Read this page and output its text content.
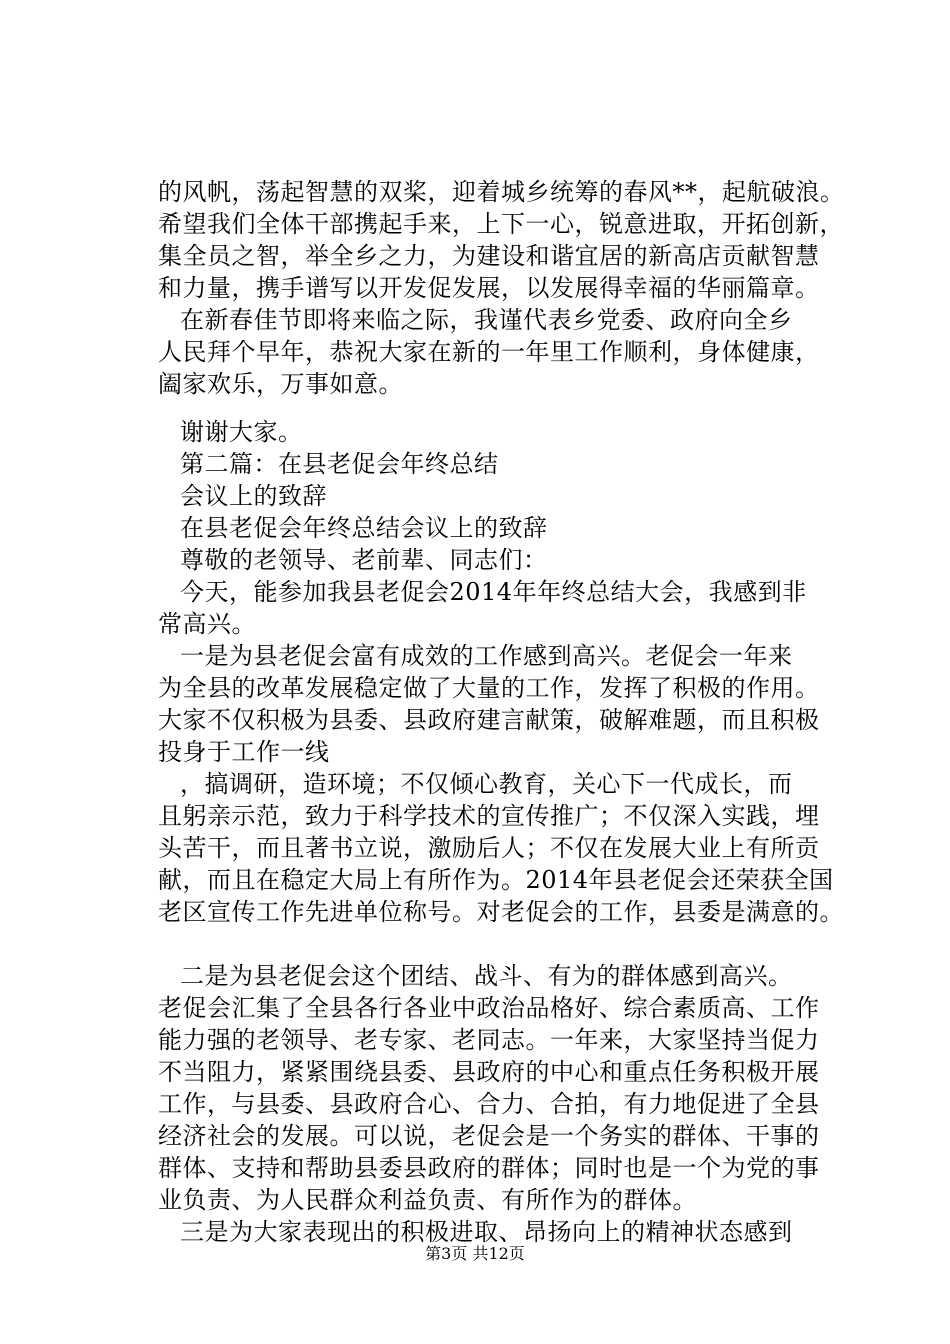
的风帆，荡起智慧的双桨，迎着城乡统筹的春风**，起航破浪。
希望我们全体干部携起手来，上下一心，锐意进取，开拓创新，
集全员之智，举全乡之力，为建设和谐宜居的新高店贡献智慧
和力量，携手谱写以开发促发展，以发展得幸福的华丽篇章。
在新春佳节即将来临之际，我谨代表乡党委、政府向全乡
人民拜个早年，恭祝大家在新的一年里工作顺利，身体健康，
阖家欢乐，万事如意。
谢谢大家。
第二篇：在县老促会年终总结
会议上的致辞
在县老促会年终总结会议上的致辞
尊敬的老领导、老前辈、同志们：
今天，能参加我县老促会2014年年终总结大会，我感到非
常高兴。
一是为县老促会富有成效的工作感到高兴。老促会一年来
为全县的改革发展稳定做了大量的工作，发挥了积极的作用。
大家不仅积极为县委、县政府建言献策，破解难题，而且积极
投身于工作一线
，搞调研，造环境；不仅倾心教育，关心下一代成长，而
且躬亲示范，致力于科学技术的宣传推广；不仅深入实践，埋
头苦干，而且著书立说，激励后人；不仅在发展大业上有所贡
献，而且在稳定大局上有所作为。2014年县老促会还荣获全国
老区宣传工作先进单位称号。对老促会的工作，县委是满意的。
二是为县老促会这个团结、战斗、有为的群体感到高兴。
老促会汇集了全县各行各业中政治品格好、综合素质高、工作
能力强的老领导、老专家、老同志。一年来，大家坚持当促力
不当阻力，紧紧围绕县委、县政府的中心和重点任务积极开展
工作，与县委、县政府合心、合力、合拍，有力地促进了全县
经济社会的发展。可以说，老促会是一个务实的群体、干事的
群体、支持和帮助县委县政府的群体；同时也是一个为党的事
业负责、为人民群众利益负责、有所作为的群体。
三是为大家表现出的积极进取、昂扬向上的精神状态感到
第3页 共12页
